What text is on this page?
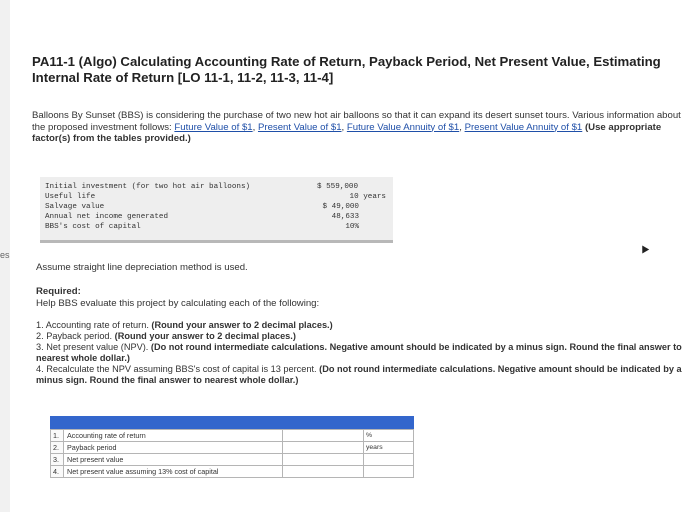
PA11-1 (Algo) Calculating Accounting Rate of Return, Payback Period, Net Present Value, Estimating Internal Rate of Return [LO 11-1, 11-2, 11-3, 11-4]
Balloons By Sunset (BBS) is considering the purchase of two new hot air balloons so that it can expand its desert sunset tours. Various information about the proposed investment follows: Future Value of $1, Present Value of $1, Future Value Annuity of $1, Present Value Annuity of $1 (Use appropriate factor(s) from the tables provided.)
Initial investment (for two hot air balloons)	$ 559,000
Useful life	10 years
Salvage value	$ 49,000
Annual net income generated	48,633
BBS's cost of capital	10%
Assume straight line depreciation method is used.
Required:
Help BBS evaluate this project by calculating each of the following:
1. Accounting rate of return. (Round your answer to 2 decimal places.)
2. Payback period. (Round your answer to 2 decimal places.)
3. Net present value (NPV). (Do not round intermediate calculations. Negative amount should be indicated by a minus sign. Round the final answer to nearest whole dollar.)
4. Recalculate the NPV assuming BBS's cost of capital is 13 percent. (Do not round intermediate calculations. Negative amount should be indicated by a minus sign. Round the final answer to nearest whole dollar.)
1.	Accounting rate of return		%
2.	Payback period		years
3.	Net present value		
4.	Net present value assuming 13% cost of capital		
es
